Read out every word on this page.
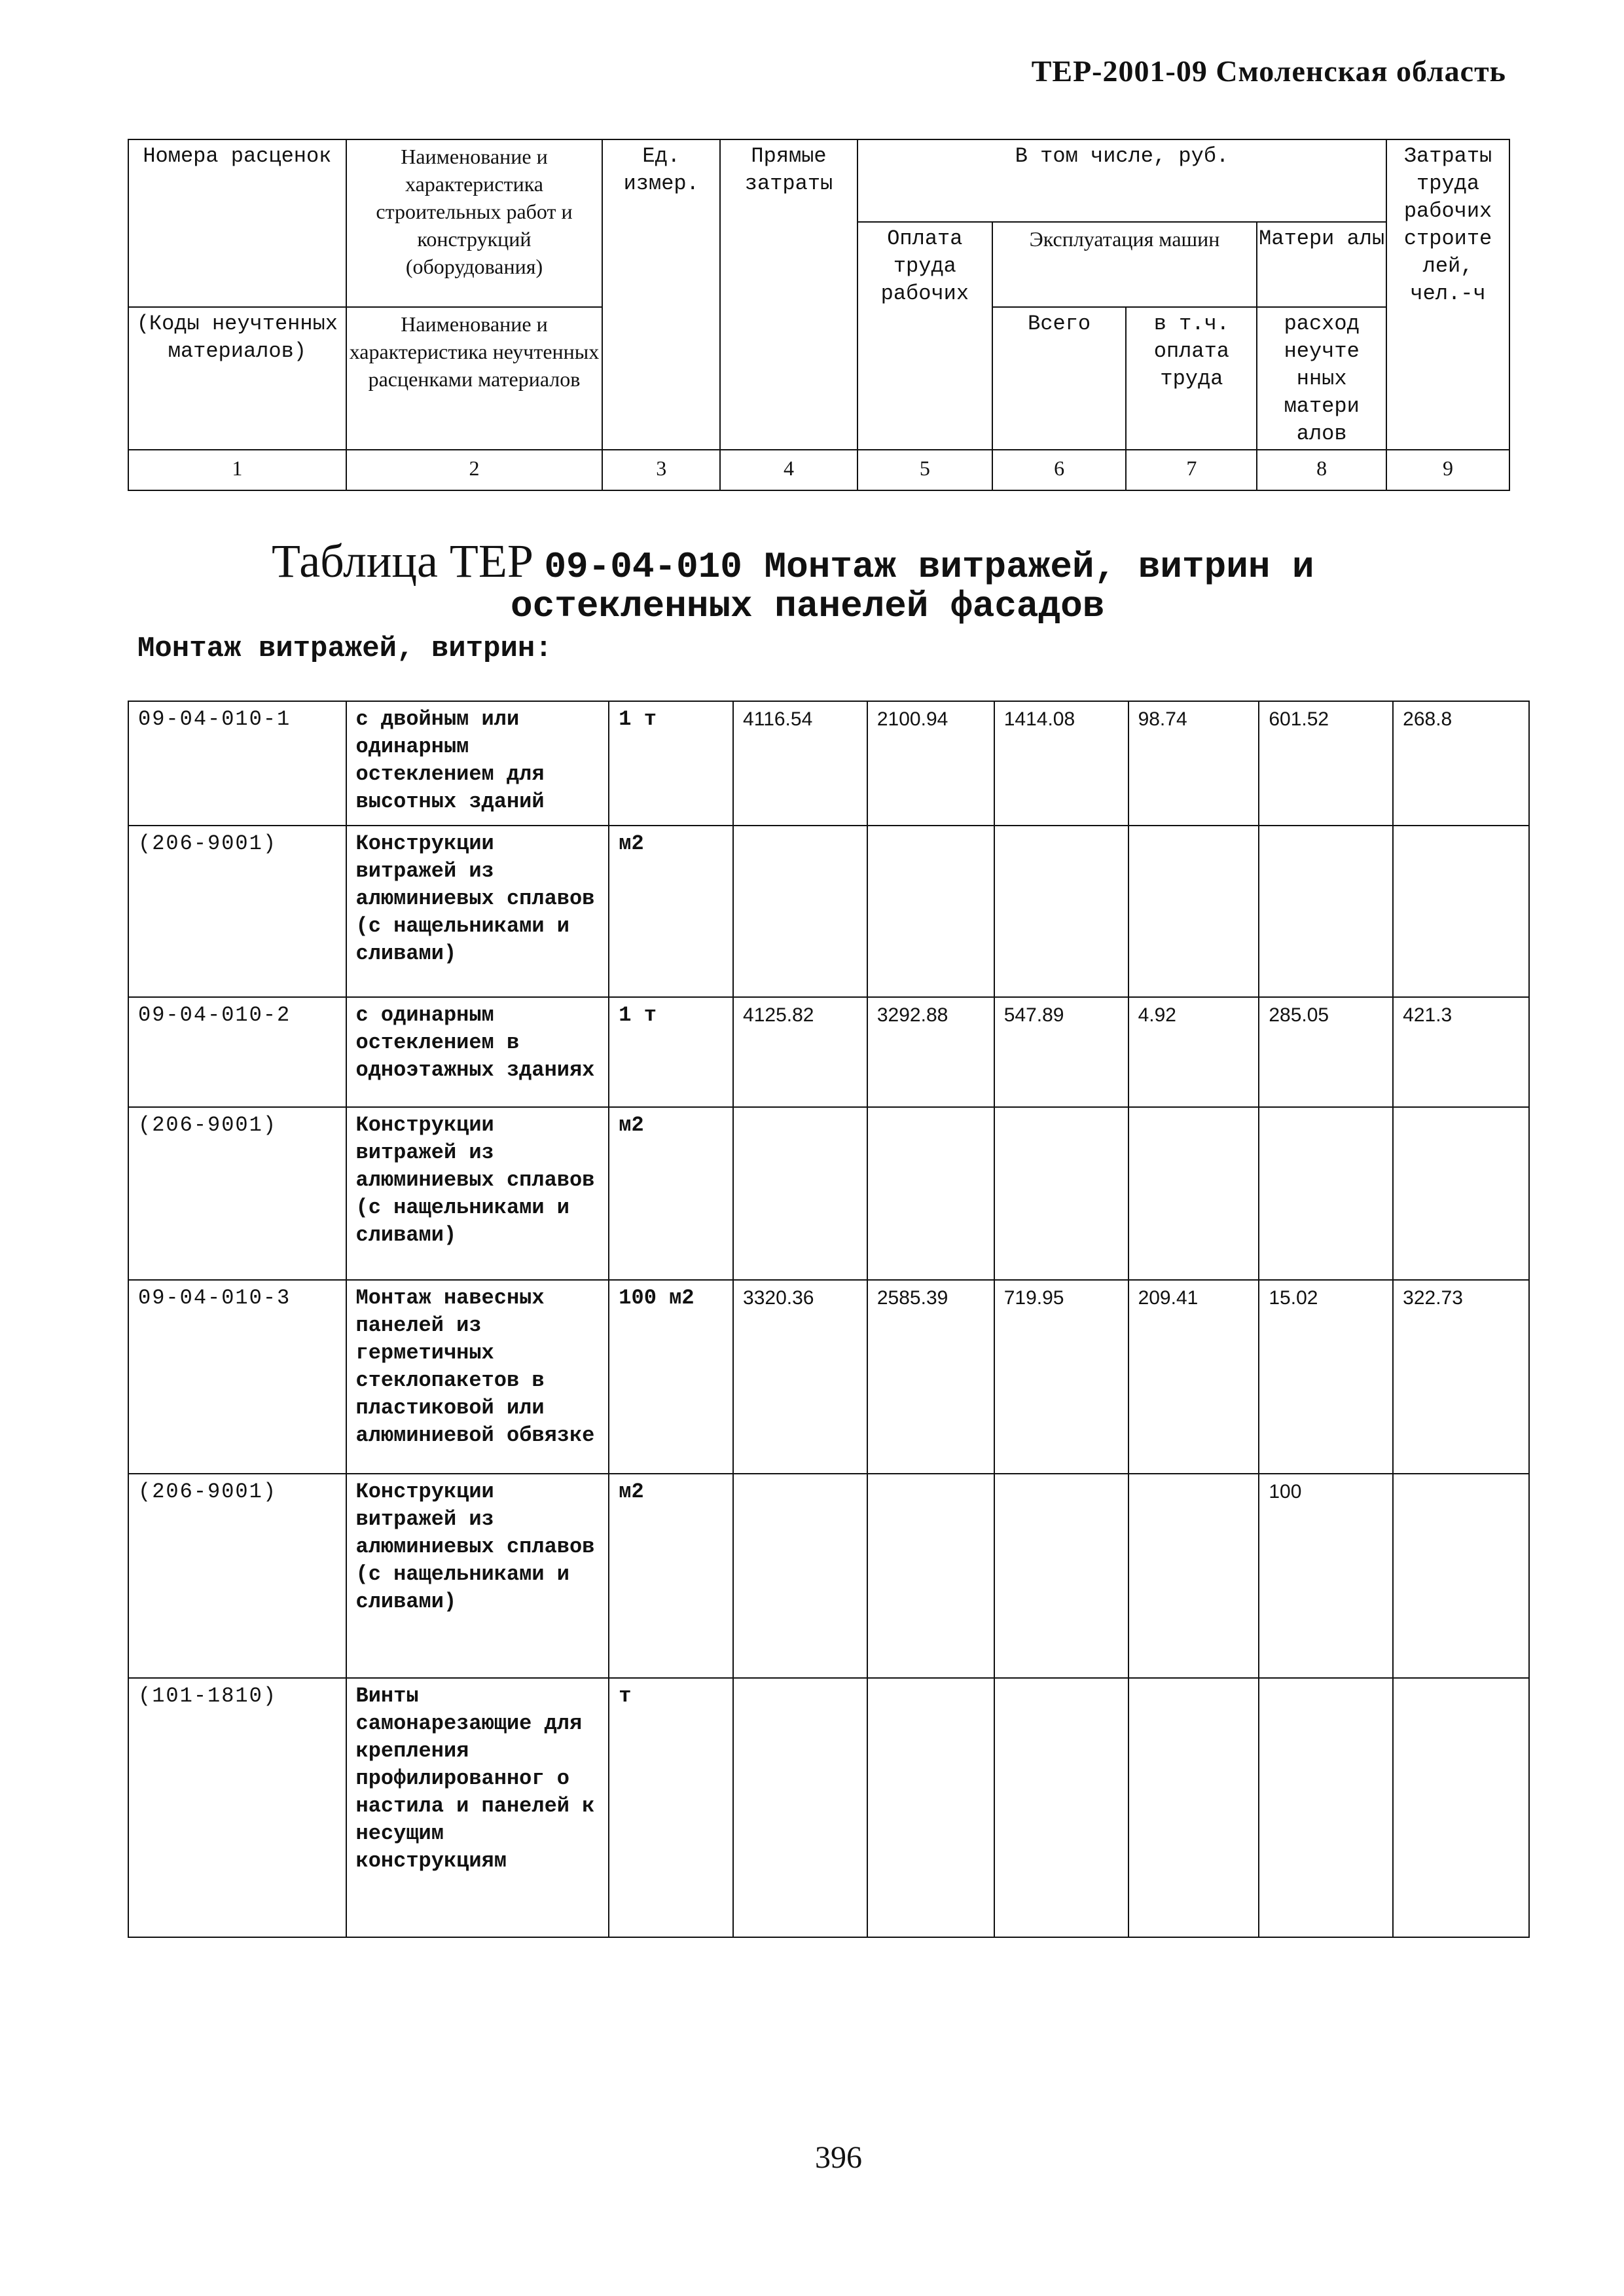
ТЕР-2001-09 Смоленская область
Номера расценок	Наименование и характеристика строительных работ и конструкций (оборудования)	Ед. измер.	Прямые затраты	В том числе, руб.				Затраты труда рабочих строите лей, чел.-ч
				Оплата труда рабочих	Эксплуатация машин		Матери алы	
(Коды неучтенных материалов)	Наименование и характеристика неучтенных расценками материалов				Всего	в т.ч. оплата труда	расход неучте нных матери алов	
1	2	3	4	5	6	7	8	9
Таблица ТЕР 09-04-010 Монтаж витражей, витрин и
остекленных панелей фасадов
Монтаж витражей, витрин:
09-04-010-1	с двойным или одинарным остеклением для высотных зданий	1 т	4116.54	2100.94	1414.08	98.74	601.52	268.8
(206-9001)	Конструкции витражей из алюминиевых сплавов (с нащельниками и сливами)	м2						
09-04-010-2	с одинарным остеклением в одноэтажных зданиях	1 т	4125.82	3292.88	547.89	4.92	285.05	421.3
(206-9001)	Конструкции витражей из алюминиевых сплавов (с нащельниками и сливами)	м2						
09-04-010-3	Монтаж навесных панелей из герметичных стеклопакетов в пластиковой или алюминиевой обвязке	100 м2	3320.36	2585.39	719.95	209.41	15.02	322.73
(206-9001)	Конструкции витражей из алюминиевых сплавов (с нащельниками и сливами)	м2					100	
(101-1810)	Винты самонарезающие для крепления профилированног о настила и панелей к несущим конструкциям	т						
396
